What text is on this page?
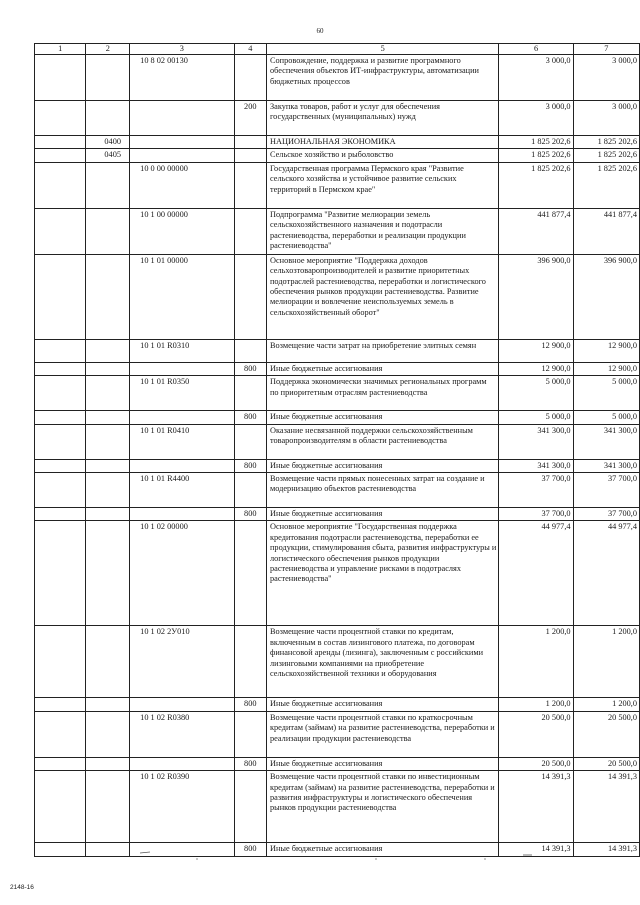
60
1	2	3	4	5	6	7
		10 8 02 00130		Сопровождение, поддержка и развитие программного обеспечения объектов ИТ-инфраструктуры, автоматизации бюджетных процессов	3 000,0	3 000,0
			200	Закупка товаров, работ и услуг для обеспечения государственных (муниципальных) нужд	3 000,0	3 000,0
	0400			НАЦИОНАЛЬНАЯ ЭКОНОМИКА	1 825 202,6	1 825 202,6
	0405			Сельское хозяйство и рыболовство	1 825 202,6	1 825 202,6
		10 0 00 00000		Государственная программа Пермского края "Развитие сельского хозяйства и устойчивое развитие сельских территорий в Пермском крае"	1 825 202,6	1 825 202,6
		10 1 00 00000		Подпрограмма "Развитие мелиорации земель сельскохозяйственного назначения и подотрасли растениеводства, переработки и реализации продукции растениеводства"	441 877,4	441 877,4
		10 1 01 00000		Основное мероприятие "Поддержка доходов сельхозтоваропроизводителей и развитие приоритетных подотраслей растениеводства, переработки и логистического обеспечения рынков продукции растениеводства. Развитие мелиорации и вовлечение неиспользуемых земель в сельскохозяйственный оборот"	396 900,0	396 900,0
		10 1 01 R0310		Возмещение части затрат на приобретение элитных семян	12 900,0	12 900,0
			800	Иные бюджетные ассигнования	12 900,0	12 900,0
		10 1 01 R0350		Поддержка экономически значимых региональных программ по приоритетным отраслям растениеводства	5 000,0	5 000,0
			800	Иные бюджетные ассигнования	5 000,0	5 000,0
		10 1 01 R0410		Оказание несвязанной поддержки сельскохозяйственным товаропроизводителям в области растениеводства	341 300,0	341 300,0
			800	Иные бюджетные ассигнования	341 300,0	341 300,0
		10 1 01 R4400		Возмещение части прямых понесенных затрат на создание и модернизацию объектов растениеводства	37 700,0	37 700,0
			800	Иные бюджетные ассигнования	37 700,0	37 700,0
		10 1 02 00000		Основное мероприятие "Государственная поддержка кредитования подотрасли растениеводства, переработки ее продукции, стимулирования сбыта, развития инфраструктуры и логистического обеспечения рынков продукции растениеводства и управление рисками в подотраслях растениеводства"	44 977,4	44 977,4
		10 1 02 2У010		Возмещение части процентной ставки по кредитам, включенным в состав лизингового платежа, по договорам финансовой аренды (лизинга), заключенным с российскими лизинговыми компаниями на приобретение сельскохозяйственной техники и оборудования	1 200,0	1 200,0
			800	Иные бюджетные ассигнования	1 200,0	1 200,0
		10 1 02 R0380		Возмещение части процентной ставки по краткосрочным кредитам (займам) на развитие растениеводства, переработки и реализации продукции растениеводства	20 500,0	20 500,0
			800	Иные бюджетные ассигнования	20 500,0	20 500,0
		10 1 02 R0390		Возмещение части процентной ставки по инвестиционным кредитам (займам) на развитие растениеводства, переработки и развития инфраструктуры и логистического обеспечения рынков продукции растениеводства	14 391,3	14 391,3
			800	Иные бюджетные ассигнования	14 391,3	14 391,3
2148-16
